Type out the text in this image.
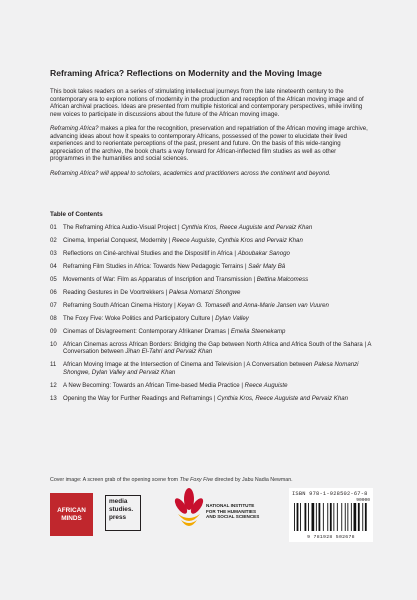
Reframing Africa? Reflections on Modernity and the Moving Image

This book takes readers on a series of stimulating intellectual journeys from the late nineteenth century to the contemporary era to explore notions of modernity in the production and reception of the African moving image and of African archival practices. Ideas are presented from multiple historical and contemporary perspectives, while inviting new voices to participate in discussions about the future of the African moving image.

Reframing Africa? makes a plea for the recognition, preservation and repatriation of the African moving image archive, advancing ideas about how it speaks to contemporary Africans, possessed of the power to elucidate their lived experiences and to reorientate perceptions of the past, present and future. On the basis of this wide-ranging appreciation of the archive, the book charts a way forward for African-inflected film studies as well as other programmes in the humanities and social sciences.

Reframing Africa? will appeal to scholars, academics and practitioners across the continent and beyond.

Table of Contents
01	The Reframing Africa Audio-Visual Project | Cynthia Kros, Reece Auguiste and Pervaiz Khan
02	Cinema, Imperial Conquest, Modernity | Reece Auguiste, Cynthia Kros and Pervaiz Khan
03	Reflections on Ciné-archival Studies and the Dispositif in Africa | Aboubakar Sanogo
04	Reframing Film Studies in Africa: Towards New Pedagogic Terrains | Saër Maty Bâ
05	Movements of War: Film as Apparatus of Inscription and Transmission | Bettina Malcomess
06	Reading Gestures in De Voortrekkers | Palesa Nomanzi Shongwe
07	Reframing South African Cinema History | Keyan G. Tomaselli and Anna-Marie Jansen van Vuuren
08	The Foxy Five: Woke Politics and Participatory Culture | Dylan Valley
09	Cinemas of Dis/agreement: Contemporary Afrikaner Dramas | Emelia Steenekamp
10	African Cinemas across African Borders: Bridging the Gap between North Africa and Africa South of the Sahara | A Conversation between Jihan El-Tahri and Pervaiz Khan
11	African Moving Image at the Intersection of Cinema and Television | A Conversation between Palesa Nomanzi Shongwe, Dylan Valley and Pervaiz Khan
12	A New Becoming: Towards an African Time-based Media Practice | Reece Auguiste
13	Opening the Way for Further Readings and Reframings | Cynthia Kros, Reece Auguiste and Pervaiz Khan
Cover image: A screen grab of the opening scene from The Foxy Five directed by Jabu Nadia Newman.
AFRICAN
MINDS
media
studies.
press
NATIONAL INSTITUTE
FOR THE HUMANITIES
AND SOCIAL SCIENCES
ISBN 978-1-928502-67-8
90000
9 781928 502678
